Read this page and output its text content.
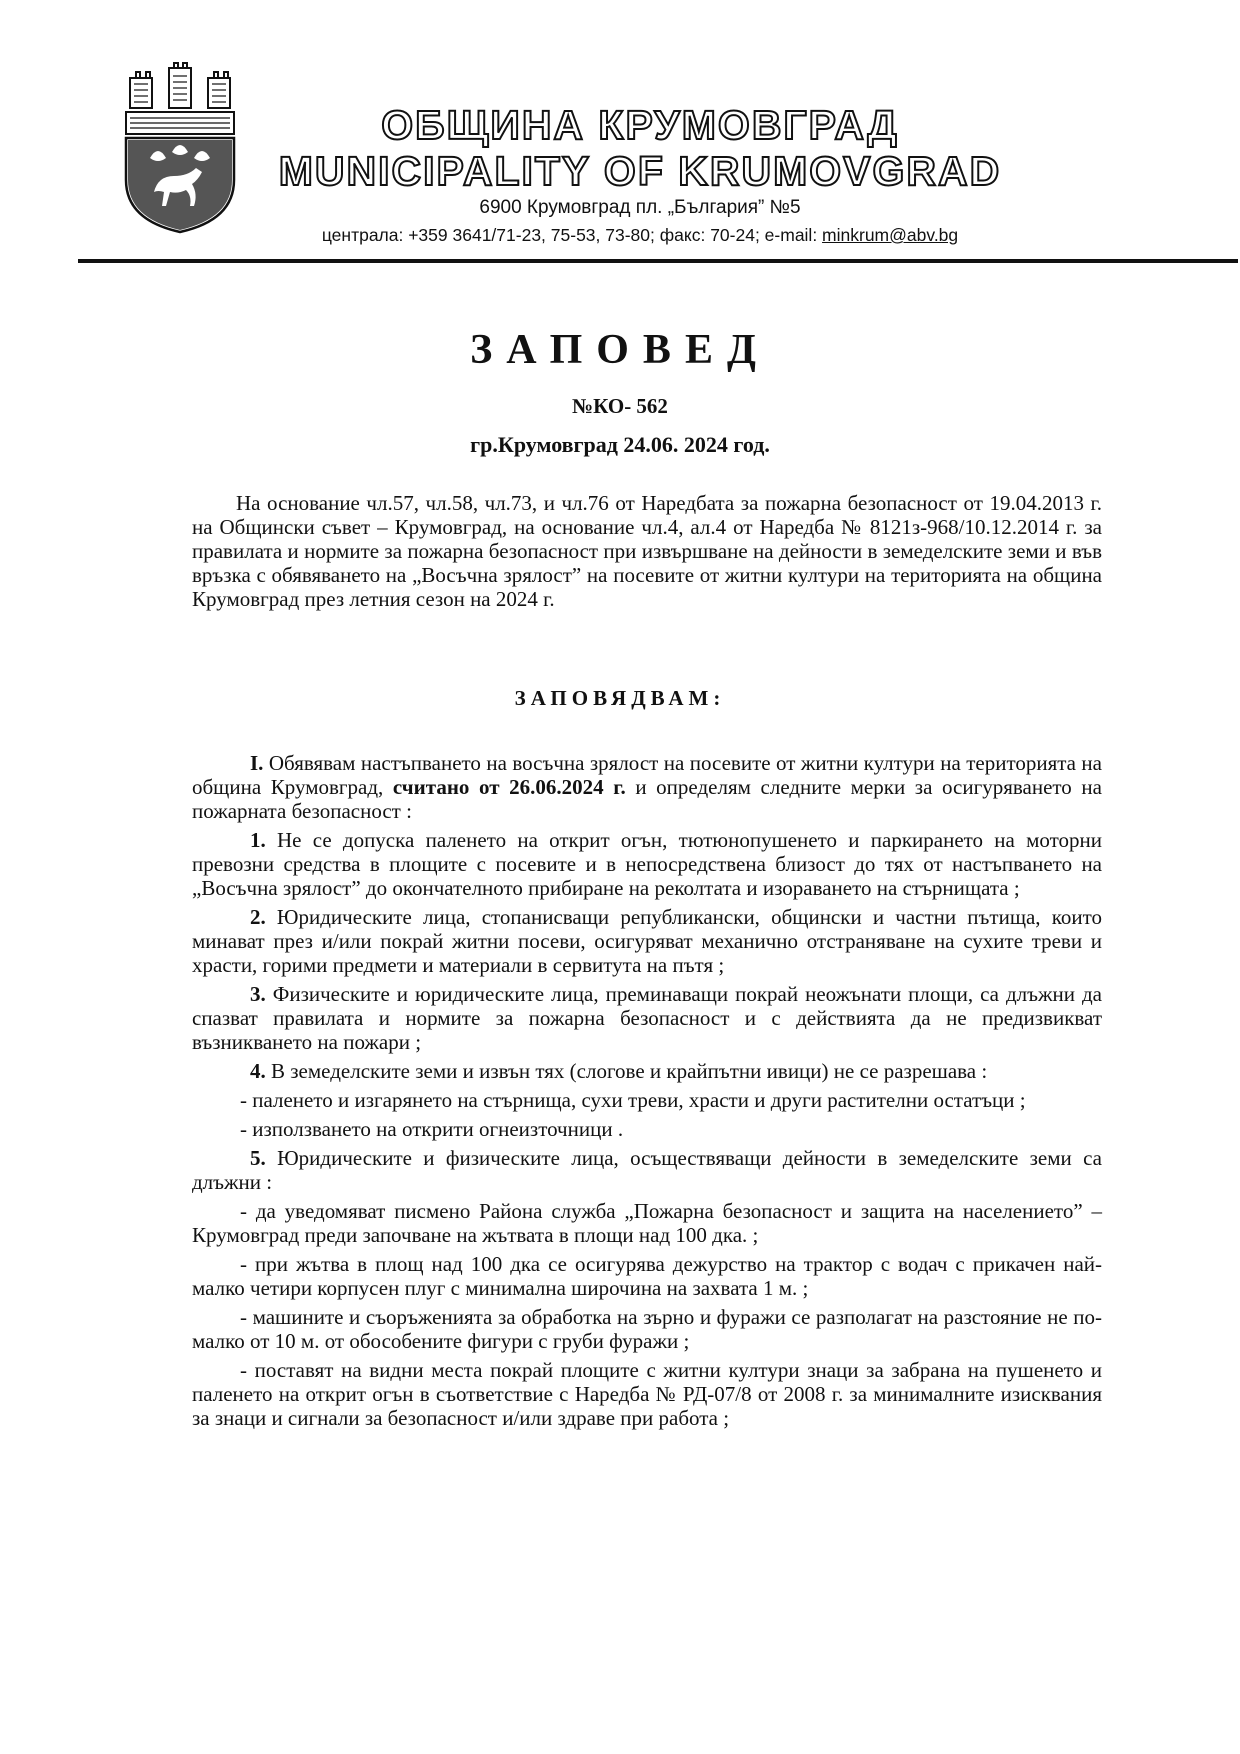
ОБЩИНА КРУМОВГРАД
MUNICIPALITY OF KRUMOVGRAD
6900 Крумовград пл. „България” №5
централа: +359 3641/71-23, 75-53, 73-80; факс: 70-24; e-mail: minkrum@abv.bg
ЗАПОВЕД
№КО- 562
гр.Крумовград 24.06. 2024 год.
На основание чл.57, чл.58, чл.73, и чл.76 от Наредбата за пожарна безопасност от 19.04.2013 г. на Общински съвет – Крумовград, на основание чл.4, ал.4 от Наредба № 8121з-968/10.12.2014 г. за правилата и нормите за пожарна безопасност при извършване на дейности в земеделските земи и във връзка с обявяването на „Восъчна зрялост” на посевите от житни култури на територията на община Крумовград през летния сезон на 2024 г.
ЗАПОВЯДВАМ:

I. Обявявам настъпването на восъчна зрялост на посевите от житни култури на територията на община Крумовград, считано от 26.06.2024 г. и определям следните мерки за осигуряването на пожарната безопасност :

1. Не се допуска паленето на открит огън, тютюнопушенето и паркирането на моторни превозни средства в площите с посевите и в непосредствена близост до тях от настъпването на „Восъчна зрялост” до окончателното прибиране на реколтата и изораването на стърнищата ;

2. Юридическите лица, стопанисващи републикански, общински и частни пътища, които минават през и/или покрай житни посеви, осигуряват механично отстраняване на сухите треви и храсти, горими предмети и материали в сервитута на пътя ;

3. Физическите и юридическите лица, преминаващи покрай неожънати площи, са длъжни да спазват правилата и нормите за пожарна безопасност и с действията да не предизвикват възникването на пожари ;

4. В земеделските земи и извън тях (слогове и крайпътни ивици) не се разрешава :

- паленето и изгарянето на стърнища, сухи треви, храсти и други растителни остатъци ;

- използването на открити огнеизточници .

5. Юридическите и физическите лица, осъществяващи дейности в земеделските земи са длъжни :

- да уведомяват писмено Района служба „Пожарна безопасност и защита на населението” – Крумовград преди започване на жътвата в площи над 100 дка. ;

- при жътва в площ над 100 дка се осигурява дежурство на трактор с водач с прикачен най-малко четири корпусен плуг с минимална широчина на захвата 1 м. ;

- машините и съоръженията за обработка на зърно и фуражи се разполагат на разстояние не по-малко от 10 м. от обособените фигури с груби фуражи ;

- поставят на видни места покрай площите с житни култури знаци за забрана на пушенето и паленето на открит огън в съответствие с Наредба № РД-07/8 от 2008 г. за минималните изисквания за знаци и сигнали за безопасност и/или здраве при работа ;
